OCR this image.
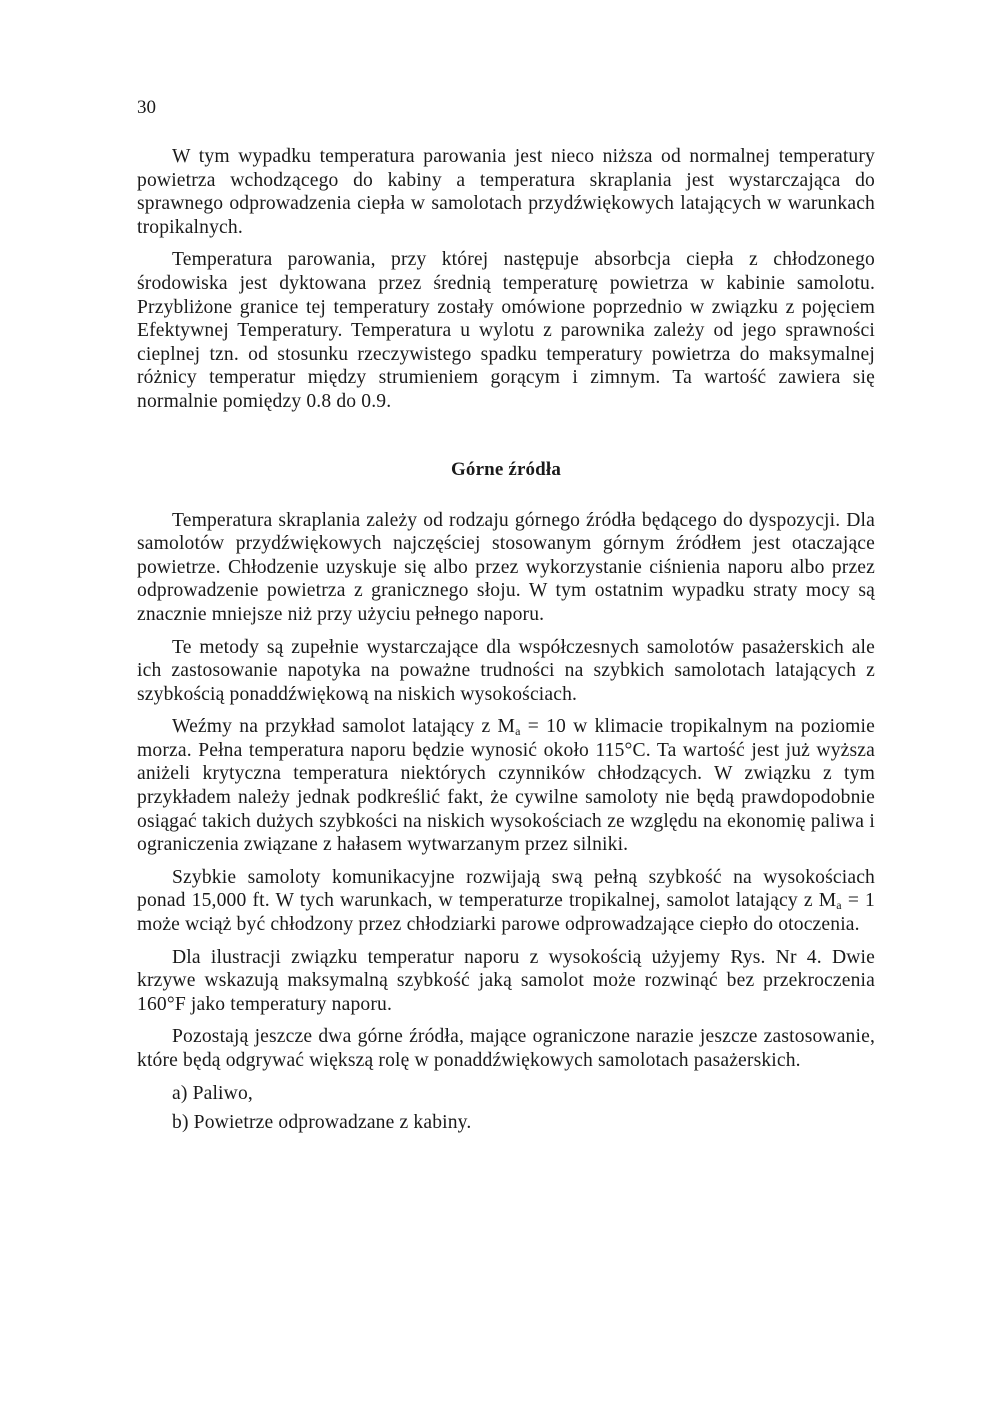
30

W tym wypadku temperatura parowania jest nieco niższa od normalnej temperatury powietrza wchodzącego do kabiny a temperatura skraplania jest wystarczająca do sprawnego odprowadzenia ciepła w samolotach przydźwiękowych latających w warunkach tropikalnych.

Temperatura parowania, przy której następuje absorbcja ciepła z chłodzonego środowiska jest dyktowana przez średnią temperaturę powietrza w kabinie samolotu. Przybliżone granice tej temperatury zostały omówione poprzednio w związku z pojęciem Efektywnej Temperatury. Temperatura u wylotu z parownika zależy od jego sprawności cieplnej tzn. od stosunku rzeczywistego spadku temperatury powietrza do maksymalnej różnicy temperatur między strumieniem gorącym i zimnym. Ta wartość zawiera się normalnie pomiędzy 0.8 do 0.9.

Górne źródła

Temperatura skraplania zależy od rodzaju górnego źródła będącego do dyspozycji. Dla samolotów przydźwiękowych najczęściej stosowanym górnym źródłem jest otaczające powietrze. Chłodzenie uzyskuje się albo przez wykorzystanie ciśnienia naporu albo przez odprowadzenie powietrza z granicznego słoju. W tym ostatnim wypadku straty mocy są znacznie mniejsze niż przy użyciu pełnego naporu.

Te metody są zupełnie wystarczające dla współczesnych samolotów pasażerskich ale ich zastosowanie napotyka na poważne trudności na szybkich samolotach latających z szybkością ponaddźwiękową na niskich wysokościach.

Weźmy na przykład samolot latający z $M_a = 10$ w klimacie tropikalnym na poziomie morza. Pełna temperatura naporu będzie wynosić około 115°C. Ta wartość jest już wyższa aniżeli krytyczna temperatura niektórych czynników chłodzących. W związku z tym przykładem należy jednak podkreślić fakt, że cywilne samoloty nie będą prawdopodobnie osiągać takich dużych szybkości na niskich wysokościach ze względu na ekonomię paliwa i ograniczenia związane z hałasem wytwarzanym przez silniki.

Szybkie samoloty komunikacyjne rozwijają swą pełną szybkość na wysokościach ponad 15,000 ft. W tych warunkach, w temperaturze tropikalnej, samolot latający z $M_a = 1$ może wciąż być chłodzony przez chłodziarki parowe odprowadzające ciepło do otoczenia.

Dla ilustracji związku temperatur naporu z wysokością użyjemy Rys. Nr 4. Dwie krzywe wskazują maksymalną szybkość jaką samolot może rozwinąć bez przekroczenia 160°F jako temperatury naporu.

Pozostają jeszcze dwa górne źródła, mające ograniczone narazie jeszcze zastosowanie, które będą odgrywać większą rolę w ponaddźwiękowych samolotach pasażerskich.

a) Paliwo,
b) Powietrze odprowadzane z kabiny.
